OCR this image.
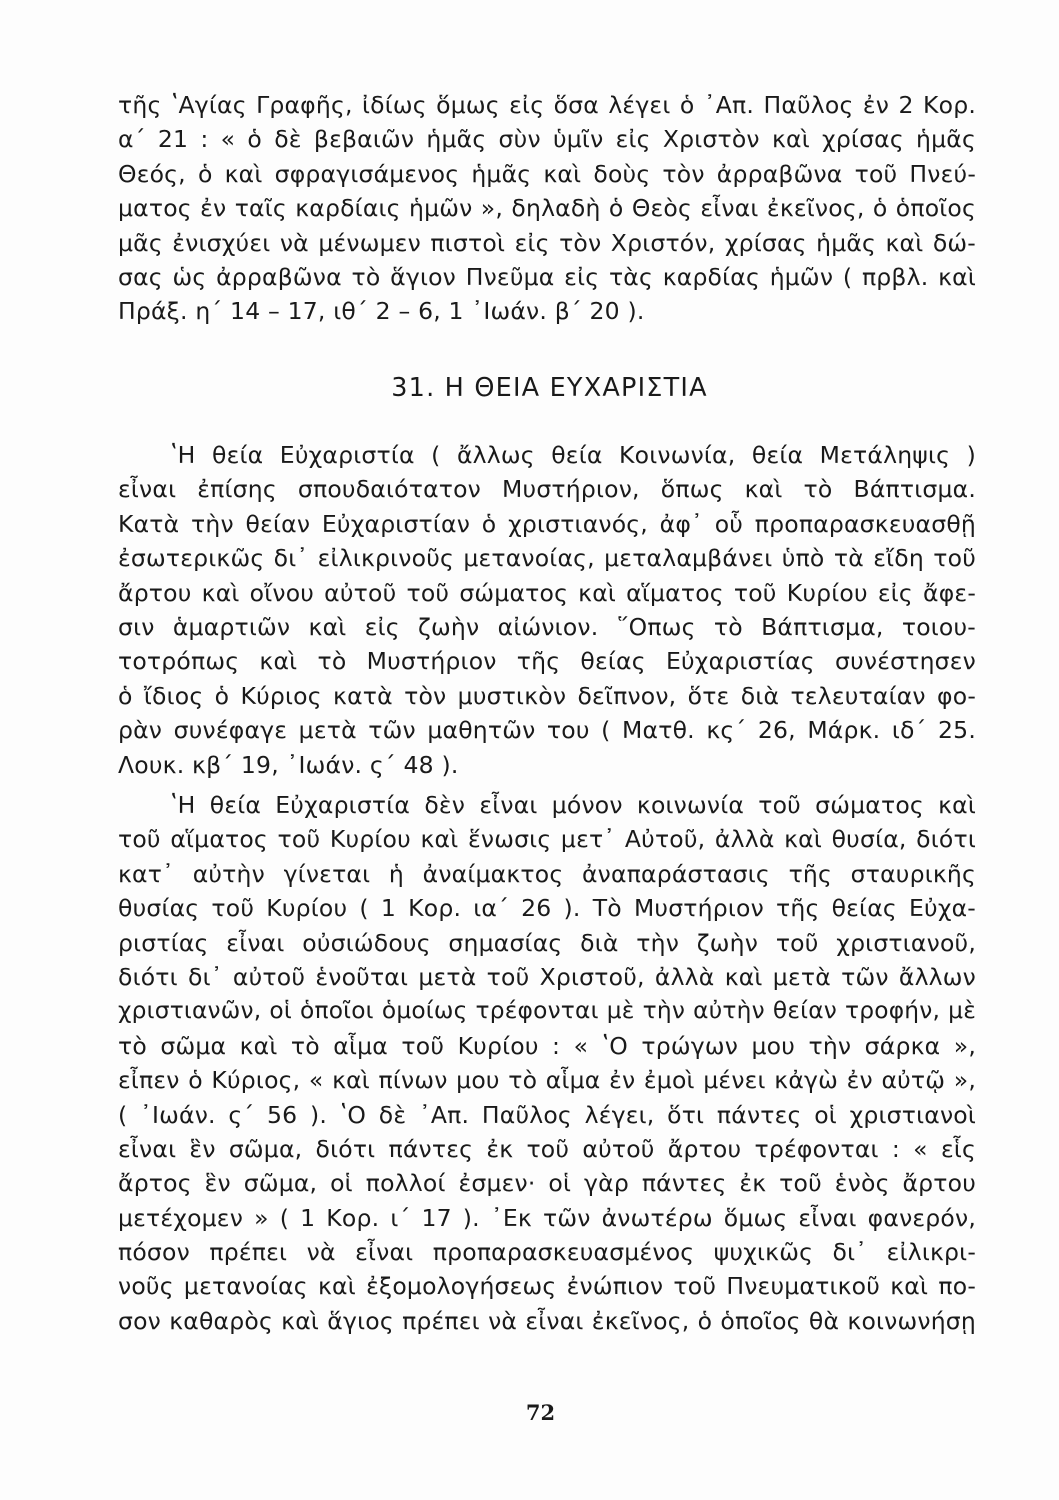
τῆς ʽΑγίας Γραφῆς, ἰδίως ὅμως εἰς ὅσα λέγει ὁ ᾽Απ. Παῦλος ἐν 2 Κορ.
α΄ 21 : « ὁ δὲ βεβαιῶν ἡμᾶς σὺν ὑμῖν εἰς Χριστὸν καὶ χρίσας ἡμᾶς
Θεός, ὁ καὶ σφραγισάμενος ἡμᾶς καὶ δοὺς τὸν ἀρραβῶνα τοῦ Πνεύ-
ματος ἐν ταῖς καρδίαις ἡμῶν », δηλαδὴ ὁ Θεὸς εἶναι ἐκεῖνος, ὁ ὁποῖος
μᾶς ἐνισχύει νὰ μένωμεν πιστοὶ εἰς τὸν Χριστόν, χρίσας ἡμᾶς καὶ δώ-
σας ὡς ἀρραβῶνα τὸ ἅγιον Πνεῦμα εἰς τὰς καρδίας ἡμῶν ( πρβλ. καὶ
Πράξ. η΄ 14 – 17, ιθ΄ 2 – 6, 1 ᾽Ιωάν. β΄ 20 ).
31. Η ΘΕΙΑ ΕΥΧΑΡΙΣΤΙΑ
ʽΗ θεία Εὐχαριστία ( ἄλλως θεία Κοινωνία, θεία Μετάληψις )
εἶναι ἐπίσης σπουδαιότατον Μυστήριον, ὅπως καὶ τὸ Βάπτισμα.
Κατὰ τὴν θείαν Εὐχαριστίαν ὁ χριστιανός, ἀφ᾽ οὗ προπαρασκευασθῇ
ἐσωτερικῶς δι᾽ εἰλικρινοῦς μετανοίας, μεταλαμβάνει ὑπὸ τὰ εἴδη τοῦ
ἄρτου καὶ οἴνου αὐτοῦ τοῦ σώματος καὶ αἵματος τοῦ Κυρίου εἰς ἄφε-
σιν ἁμαρτιῶν καὶ εἰς ζωὴν αἰώνιον. ῞Οπως τὸ Βάπτισμα, τοιου-
τοτρόπως καὶ τὸ Μυστήριον τῆς θείας Εὐχαριστίας συνέστησεν
ὁ ἴδιος ὁ Κύριος κατὰ τὸν μυστικὸν δεῖπνον, ὅτε διὰ τελευταίαν φο-
ρὰν συνέφαγε μετὰ τῶν μαθητῶν του ( Ματθ. κς΄ 26, Μάρκ. ιδ΄ 25.
Λουκ. κβ΄ 19, ᾽Ιωάν. ς΄ 48 ).
ʽΗ θεία Εὐχαριστία δὲν εἶναι μόνον κοινωνία τοῦ σώματος καὶ
τοῦ αἵματος τοῦ Κυρίου καὶ ἕνωσις μετ᾽ Αὐτοῦ, ἀλλὰ καὶ θυσία, διότι
κατ᾽ αὐτὴν γίνεται ἡ ἀναίμακτος ἀναπαράστασις τῆς σταυρικῆς
θυσίας τοῦ Κυρίου ( 1 Κορ. ια΄ 26 ). Τὸ Μυστήριον τῆς θείας Εὐχα-
ριστίας εἶναι οὐσιώδους σημασίας διὰ τὴν ζωὴν τοῦ χριστιανοῦ,
διότι δι᾽ αὐτοῦ ἑνοῦται μετὰ τοῦ Χριστοῦ, ἀλλὰ καὶ μετὰ τῶν ἄλλων
χριστιανῶν, οἱ ὁποῖοι ὁμοίως τρέφονται μὲ τὴν αὐτὴν θείαν τροφήν, μὲ
τὸ σῶμα καὶ τὸ αἷμα τοῦ Κυρίου : « ʽΟ τρώγων μου τὴν σάρκα »,
εἶπεν ὁ Κύριος, « καὶ πίνων μου τὸ αἷμα ἐν ἐμοὶ μένει κἀγὼ ἐν αὐτῷ »,
( ᾽Ιωάν. ς΄ 56 ). ʽΟ δὲ ᾽Απ. Παῦλος λέγει, ὅτι πάντες οἱ χριστιανοὶ
εἶναι ἓν σῶμα, διότι πάντες ἐκ τοῦ αὐτοῦ ἄρτου τρέφονται : « εἷς
ἄρτος ἓν σῶμα, οἱ πολλοί ἐσμεν· οἱ γὰρ πάντες ἐκ τοῦ ἑνὸς ἄρτου
μετέχομεν » ( 1 Κορ. ι΄ 17 ). ᾽Εκ τῶν ἀνωτέρω ὅμως εἶναι φανερόν,
πόσον πρέπει νὰ εἶναι προπαρασκευασμένος ψυχικῶς δι᾽ εἰλικρι-
νοῦς μετανοίας καὶ ἐξομολογήσεως ἐνώπιον τοῦ Πνευματικοῦ καὶ πο-
σον καθαρὸς καὶ ἅγιος πρέπει νὰ εἶναι ἐκεῖνος, ὁ ὁποῖος θὰ κοινωνήσῃ
72
